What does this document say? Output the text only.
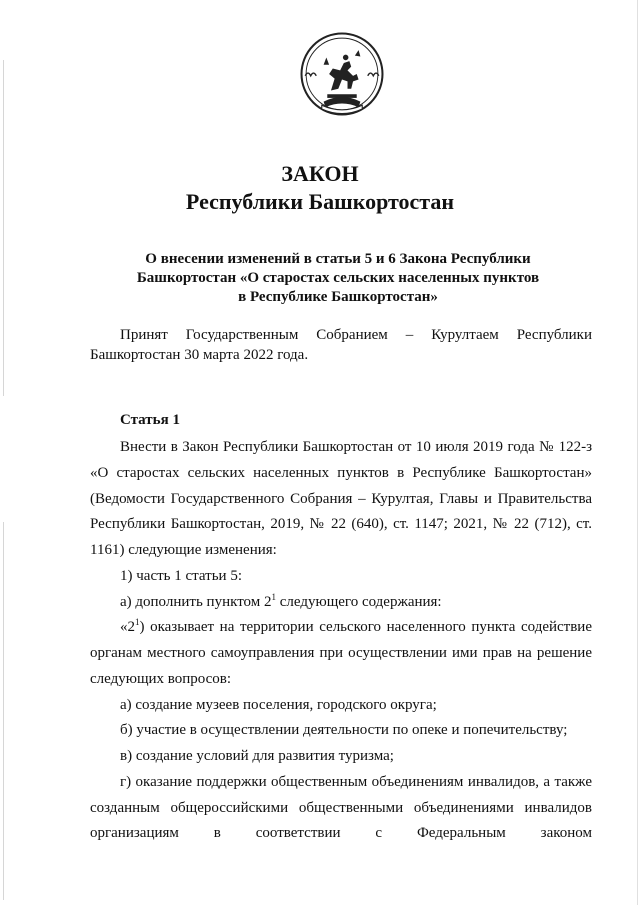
ЗАКОН
Республики Башкортостан
О внесении изменений в статьи 5 и 6 Закона Республики
Башкортостан «О старостах сельских населенных пунктов
в Республике Башкортостан»

Принят Государственным Собранием – Курултаем Республики Башкортостан 30 марта 2022 года.

Статья 1

Внести в Закон Республики Башкортостан от 10 июля 2019 года № 122-з «О старостах сельских населенных пунктов в Республике Башкортостан» (Ведомости Государственного Собрания – Курултая, Главы и Правительства Республики Башкортостан, 2019, № 22 (640), ст. 1147; 2021, № 22 (712), ст. 1161) следующие изменения:

1) часть 1 статьи 5:

а) дополнить пунктом $2^1$ следующего содержания:

«$2^1$) оказывает на территории сельского населенного пункта содействие органам местного самоуправления при осуществлении ими прав на решение следующих вопросов:

а) создание музеев поселения, городского округа;

б) участие в осуществлении деятельности по опеке и попечительству;

в) создание условий для развития туризма;

г) оказание поддержки общественным объединениям инвалидов, а также созданным общероссийскими общественными объединениями инвалидов организациям в соответствии с Федеральным законом
